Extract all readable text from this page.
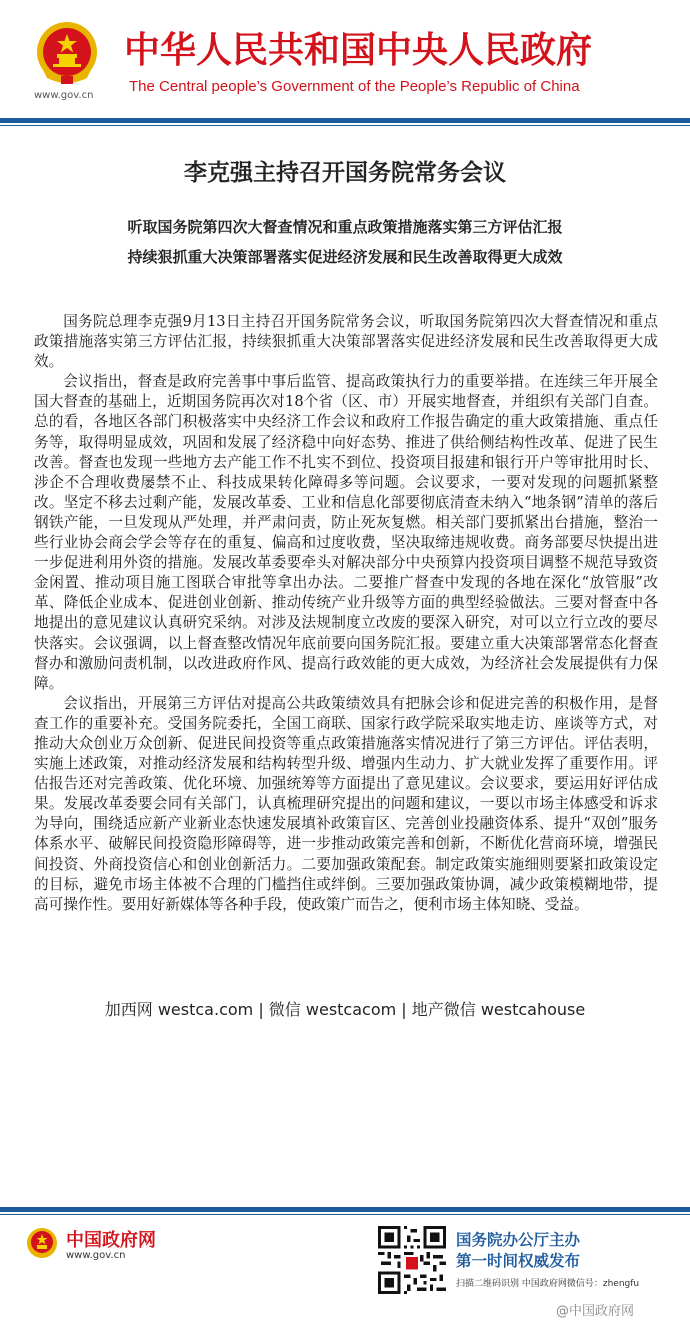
www.gov.cn
中华人民共和国中央人民政府
The Central people’s Government of the People’s Republic of China
李克强主持召开国务院常务会议
听取国务院第四次大督查情况和重点政策措施落实第三方评估汇报
持续狠抓重大决策部署落实促进经济发展和民生改善取得更大成效

国务院总理李克强9月13日主持召开国务院常务会议，听取国务院第四次大督查情况和重点政策措施落实第三方评估汇报，持续狠抓重大决策部署落实促进经济发展和民生改善取得更大成效。

会议指出，督查是政府完善事中事后监管、提高政策执行力的重要举措。在连续三年开展全国大督查的基础上，近期国务院再次对18个省（区、市）开展实地督查，并组织有关部门自查。总的看，各地区各部门积极落实中央经济工作会议和政府工作报告确定的重大政策措施、重点任务等，取得明显成效，巩固和发展了经济稳中向好态势、推进了供给侧结构性改革、促进了民生改善。督查也发现一些地方去产能工作不扎实不到位、投资项目报建和银行开户等审批用时长、涉企不合理收费屡禁不止、科技成果转化障碍多等问题。会议要求，一要对发现的问题抓紧整改。坚定不移去过剩产能，发展改革委、工业和信息化部要彻底清查未纳入“地条钢”清单的落后钢铁产能，一旦发现从严处理，并严肃问责，防止死灰复燃。相关部门要抓紧出台措施，整治一些行业协会商会学会等存在的重复、偏高和过度收费，坚决取缔违规收费。商务部要尽快提出进一步促进利用外资的措施。发展改革委要牵头对解决部分中央预算内投资项目调整不规范导致资金闲置、推动项目施工图联合审批等拿出办法。二要推广督查中发现的各地在深化“放管服”改革、降低企业成本、促进创业创新、推动传统产业升级等方面的典型经验做法。三要对督查中各地提出的意见建议认真研究采纳。对涉及法规制度立改废的要深入研究，对可以立行立改的要尽快落实。会议强调，以上督查整改情况年底前要向国务院汇报。要建立重大决策部署常态化督查督办和激励问责机制，以改进政府作风、提高行政效能的更大成效，为经济社会发展提供有力保障。

会议指出，开展第三方评估对提高公共政策绩效具有把脉会诊和促进完善的积极作用，是督查工作的重要补充。受国务院委托，全国工商联、国家行政学院采取实地走访、座谈等方式，对推动大众创业万众创新、促进民间投资等重点政策措施落实情况进行了第三方评估。评估表明，实施上述政策，对推动经济发展和结构转型升级、增强内生动力、扩大就业发挥了重要作用。评估报告还对完善政策、优化环境、加强统筹等方面提出了意见建议。会议要求，要运用好评估成果。发展改革委要会同有关部门，认真梳理研究提出的问题和建议，一要以市场主体感受和诉求为导向，围绕适应新产业新业态快速发展填补政策盲区、完善创业投融资体系、提升“双创”服务体系水平、破解民间投资隐形障碍等，进一步推动政策完善和创新，不断优化营商环境，增强民间投资、外商投资信心和创业创新活力。二要加强政策配套。制定政策实施细则要紧扣政策设定的目标，避免市场主体被不合理的门槛挡住或绊倒。三要加强政策协调，减少政策模糊地带，提高可操作性。要用好新媒体等各种手段，使政策广而告之，便利市场主体知晓、受益。

加西网 westca.com | 微信 westcacom | 地产微信 westcahouse
中国政府网
www.gov.cn
国务院办公厅主办
第一时间权威发布
扫描二维码识别 中国政府网微信号：zhengfu
@中国政府网
